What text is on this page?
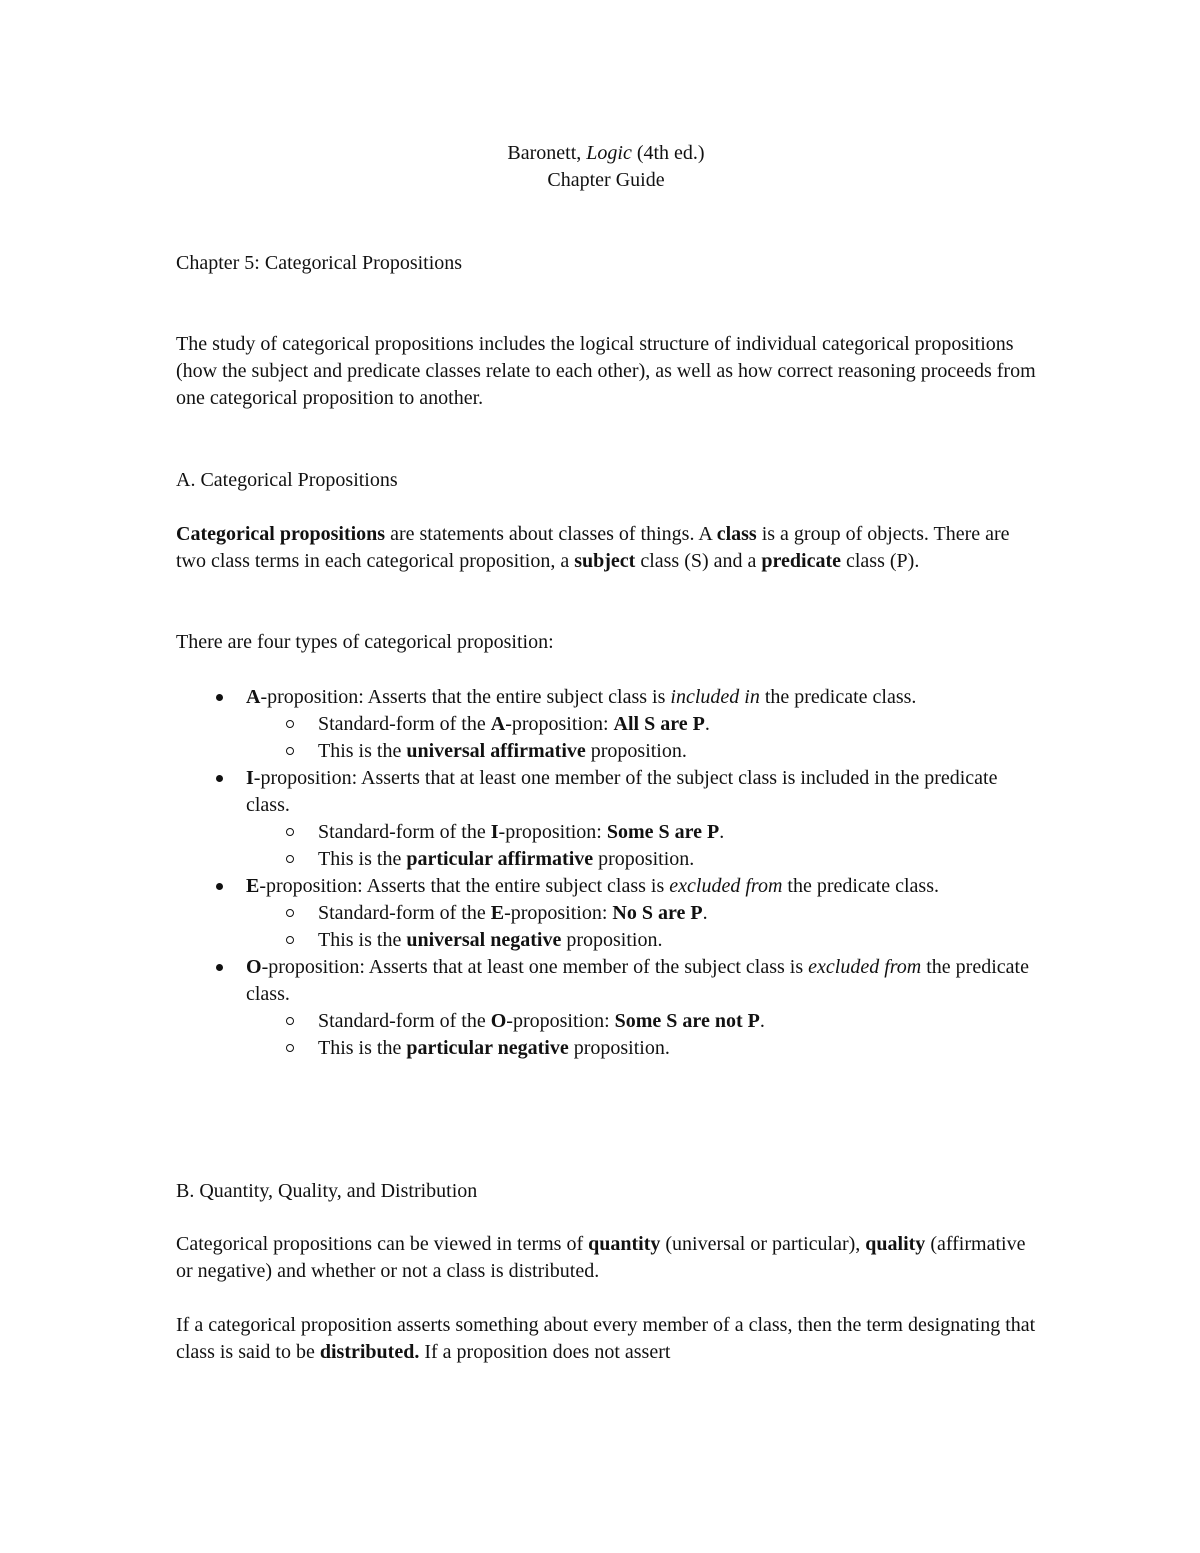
Baronett, Logic (4th ed.)

Chapter Guide

Chapter 5: Categorical Propositions

The study of categorical propositions includes the logical structure of individual categorical propositions (how the subject and predicate classes relate to each other), as well as how correct reasoning proceeds from one categorical proposition to another.

A. Categorical Propositions

Categorical propositions are statements about classes of things. A class is a group of objects. There are two class terms in each categorical proposition, a subject class (S) and a predicate class (P).

There are four types of categorical proposition:

A-proposition: Asserts that the entire subject class is included in the predicate class.
Standard-form of the A-proposition: All S are P.
This is the universal affirmative proposition.
I-proposition: Asserts that at least one member of the subject class is included in the predicate class.
Standard-form of the I-proposition: Some S are P.
This is the particular affirmative proposition.
E-proposition: Asserts that the entire subject class is excluded from the predicate class.
Standard-form of the E-proposition: No S are P.
This is the universal negative proposition.
O-proposition: Asserts that at least one member of the subject class is excluded from the predicate class.
Standard-form of the O-proposition: Some S are not P.
This is the particular negative proposition.

B. Quantity, Quality, and Distribution

Categorical propositions can be viewed in terms of quantity (universal or particular), quality (affirmative or negative) and whether or not a class is distributed.

If a categorical proposition asserts something about every member of a class, then the term designating that class is said to be distributed. If a proposition does not assert
